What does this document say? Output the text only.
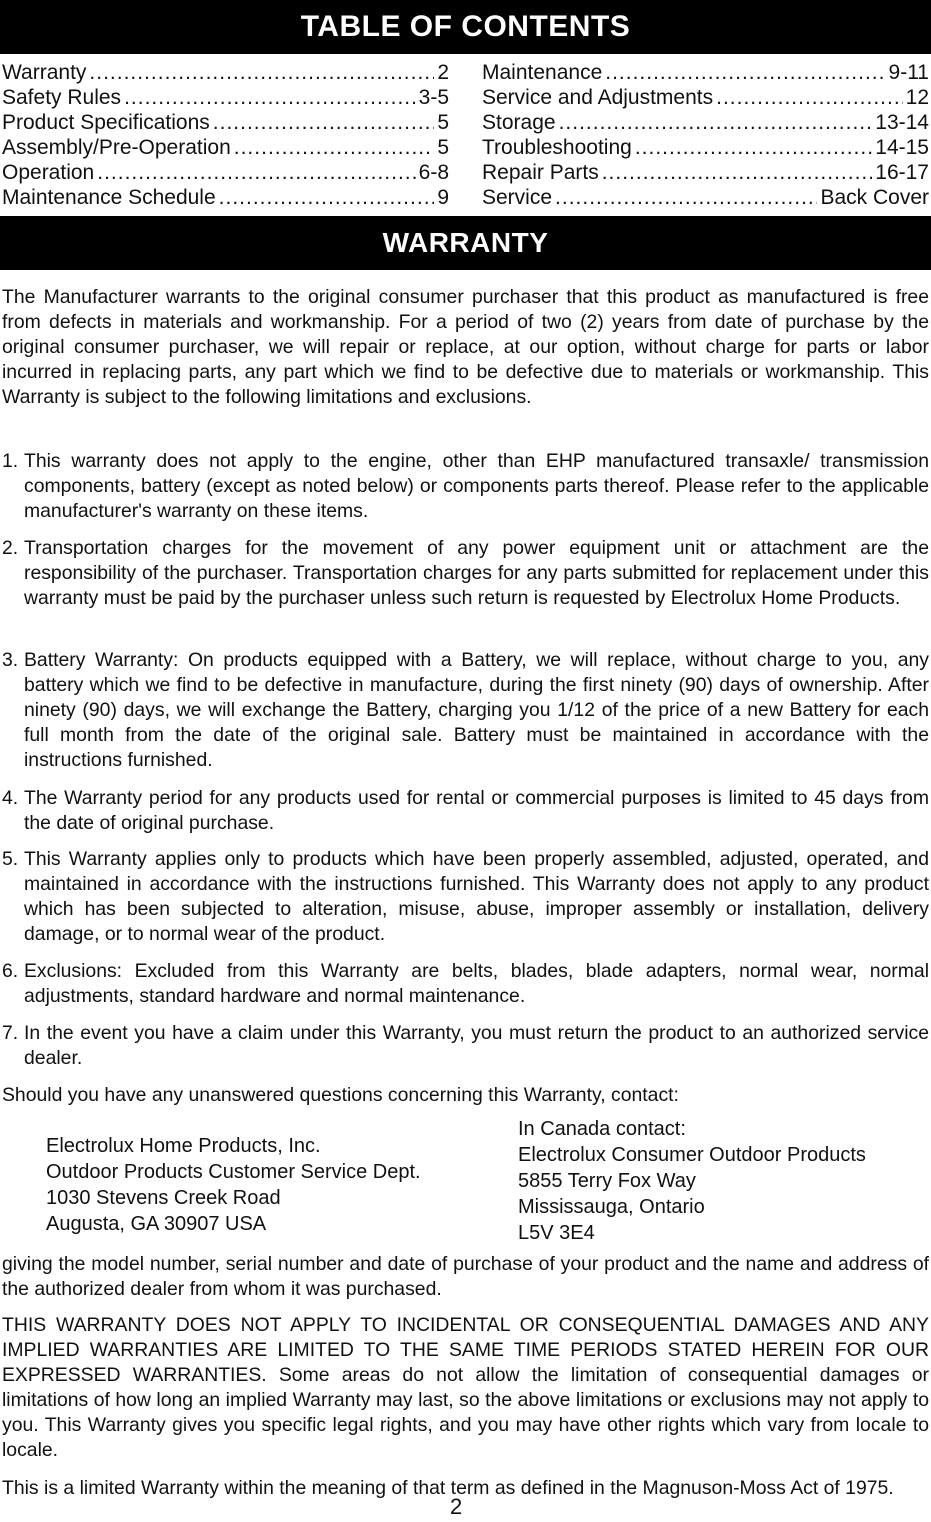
TABLE OF CONTENTS
Warranty .....	2
Safety Rules .....	3-5
Product Specifications .....	5
Assembly/Pre-Operation .....	5
Operation .....	6-8
Maintenance Schedule .....	9
Maintenance .....	9-11
Service and Adjustments .....	12
Storage .....	13-14
Troubleshooting .....	14-15
Repair Parts .....	16-17
Service .....	Back Cover
WARRANTY

The Manufacturer warrants to the original consumer purchaser that this product as manufactured is free from defects in materials and workmanship. For a period of two (2) years from date of purchase by the original consumer purchaser, we will repair or replace, at our option, without charge for parts or labor incurred in replacing parts, any part which we find to be defective due to materials or workmanship. This Warranty is subject to the following limitations and exclusions.

1. This warranty does not apply to the engine, other than EHP manufactured transaxle/ transmission components, battery (except as noted below) or components parts thereof. Please refer to the applicable manufacturer's warranty on these items.
2. Transportation charges for the movement of any power equipment unit or attachment are the responsibility of the purchaser. Transportation charges for any parts submitted for replacement under this warranty must be paid by the purchaser unless such return is requested by Electrolux Home Products.
3. Battery Warranty: On products equipped with a Battery, we will replace, without charge to you, any battery which we find to be defective in manufacture, during the first ninety (90) days of ownership. After ninety (90) days, we will exchange the Battery, charging you 1/12 of the price of a new Battery for each full month from the date of the original sale. Battery must be maintained in accordance with the instructions furnished.
4. The Warranty period for any products used for rental or commercial purposes is limited to 45 days from the date of original purchase.
5. This Warranty applies only to products which have been properly assembled, adjusted, operated, and maintained in accordance with the instructions furnished. This Warranty does not apply to any product which has been subjected to alteration, misuse, abuse, improper assembly or installation, delivery damage, or to normal wear of the product.
6. Exclusions: Excluded from this Warranty are belts, blades, blade adapters, normal wear, normal adjustments, standard hardware and normal maintenance.
7. In the event you have a claim under this Warranty, you must return the product to an authorized service dealer.

Should you have any unanswered questions concerning this Warranty, contact:

Electrolux Home Products, Inc.
Outdoor Products Customer Service Dept.
1030 Stevens Creek Road
Augusta, GA 30907 USA
In Canada contact:
Electrolux Consumer Outdoor Products
5855 Terry Fox Way
Mississauga, Ontario
L5V 3E4

giving the model number, serial number and date of purchase of your product and the name and address of the authorized dealer from whom it was purchased.

THIS WARRANTY DOES NOT APPLY TO INCIDENTAL OR CONSEQUENTIAL DAMAGES AND ANY IMPLIED WARRANTIES ARE LIMITED TO THE SAME TIME PERIODS STATED HEREIN FOR OUR EXPRESSED WARRANTIES. Some areas do not allow the limitation of consequential damages or limitations of how long an implied Warranty may last, so the above limitations or exclusions may not apply to you. This Warranty gives you specific legal rights, and you may have other rights which vary from locale to locale.

This is a limited Warranty within the meaning of that term as defined in the Magnuson-Moss Act of 1975.

2
